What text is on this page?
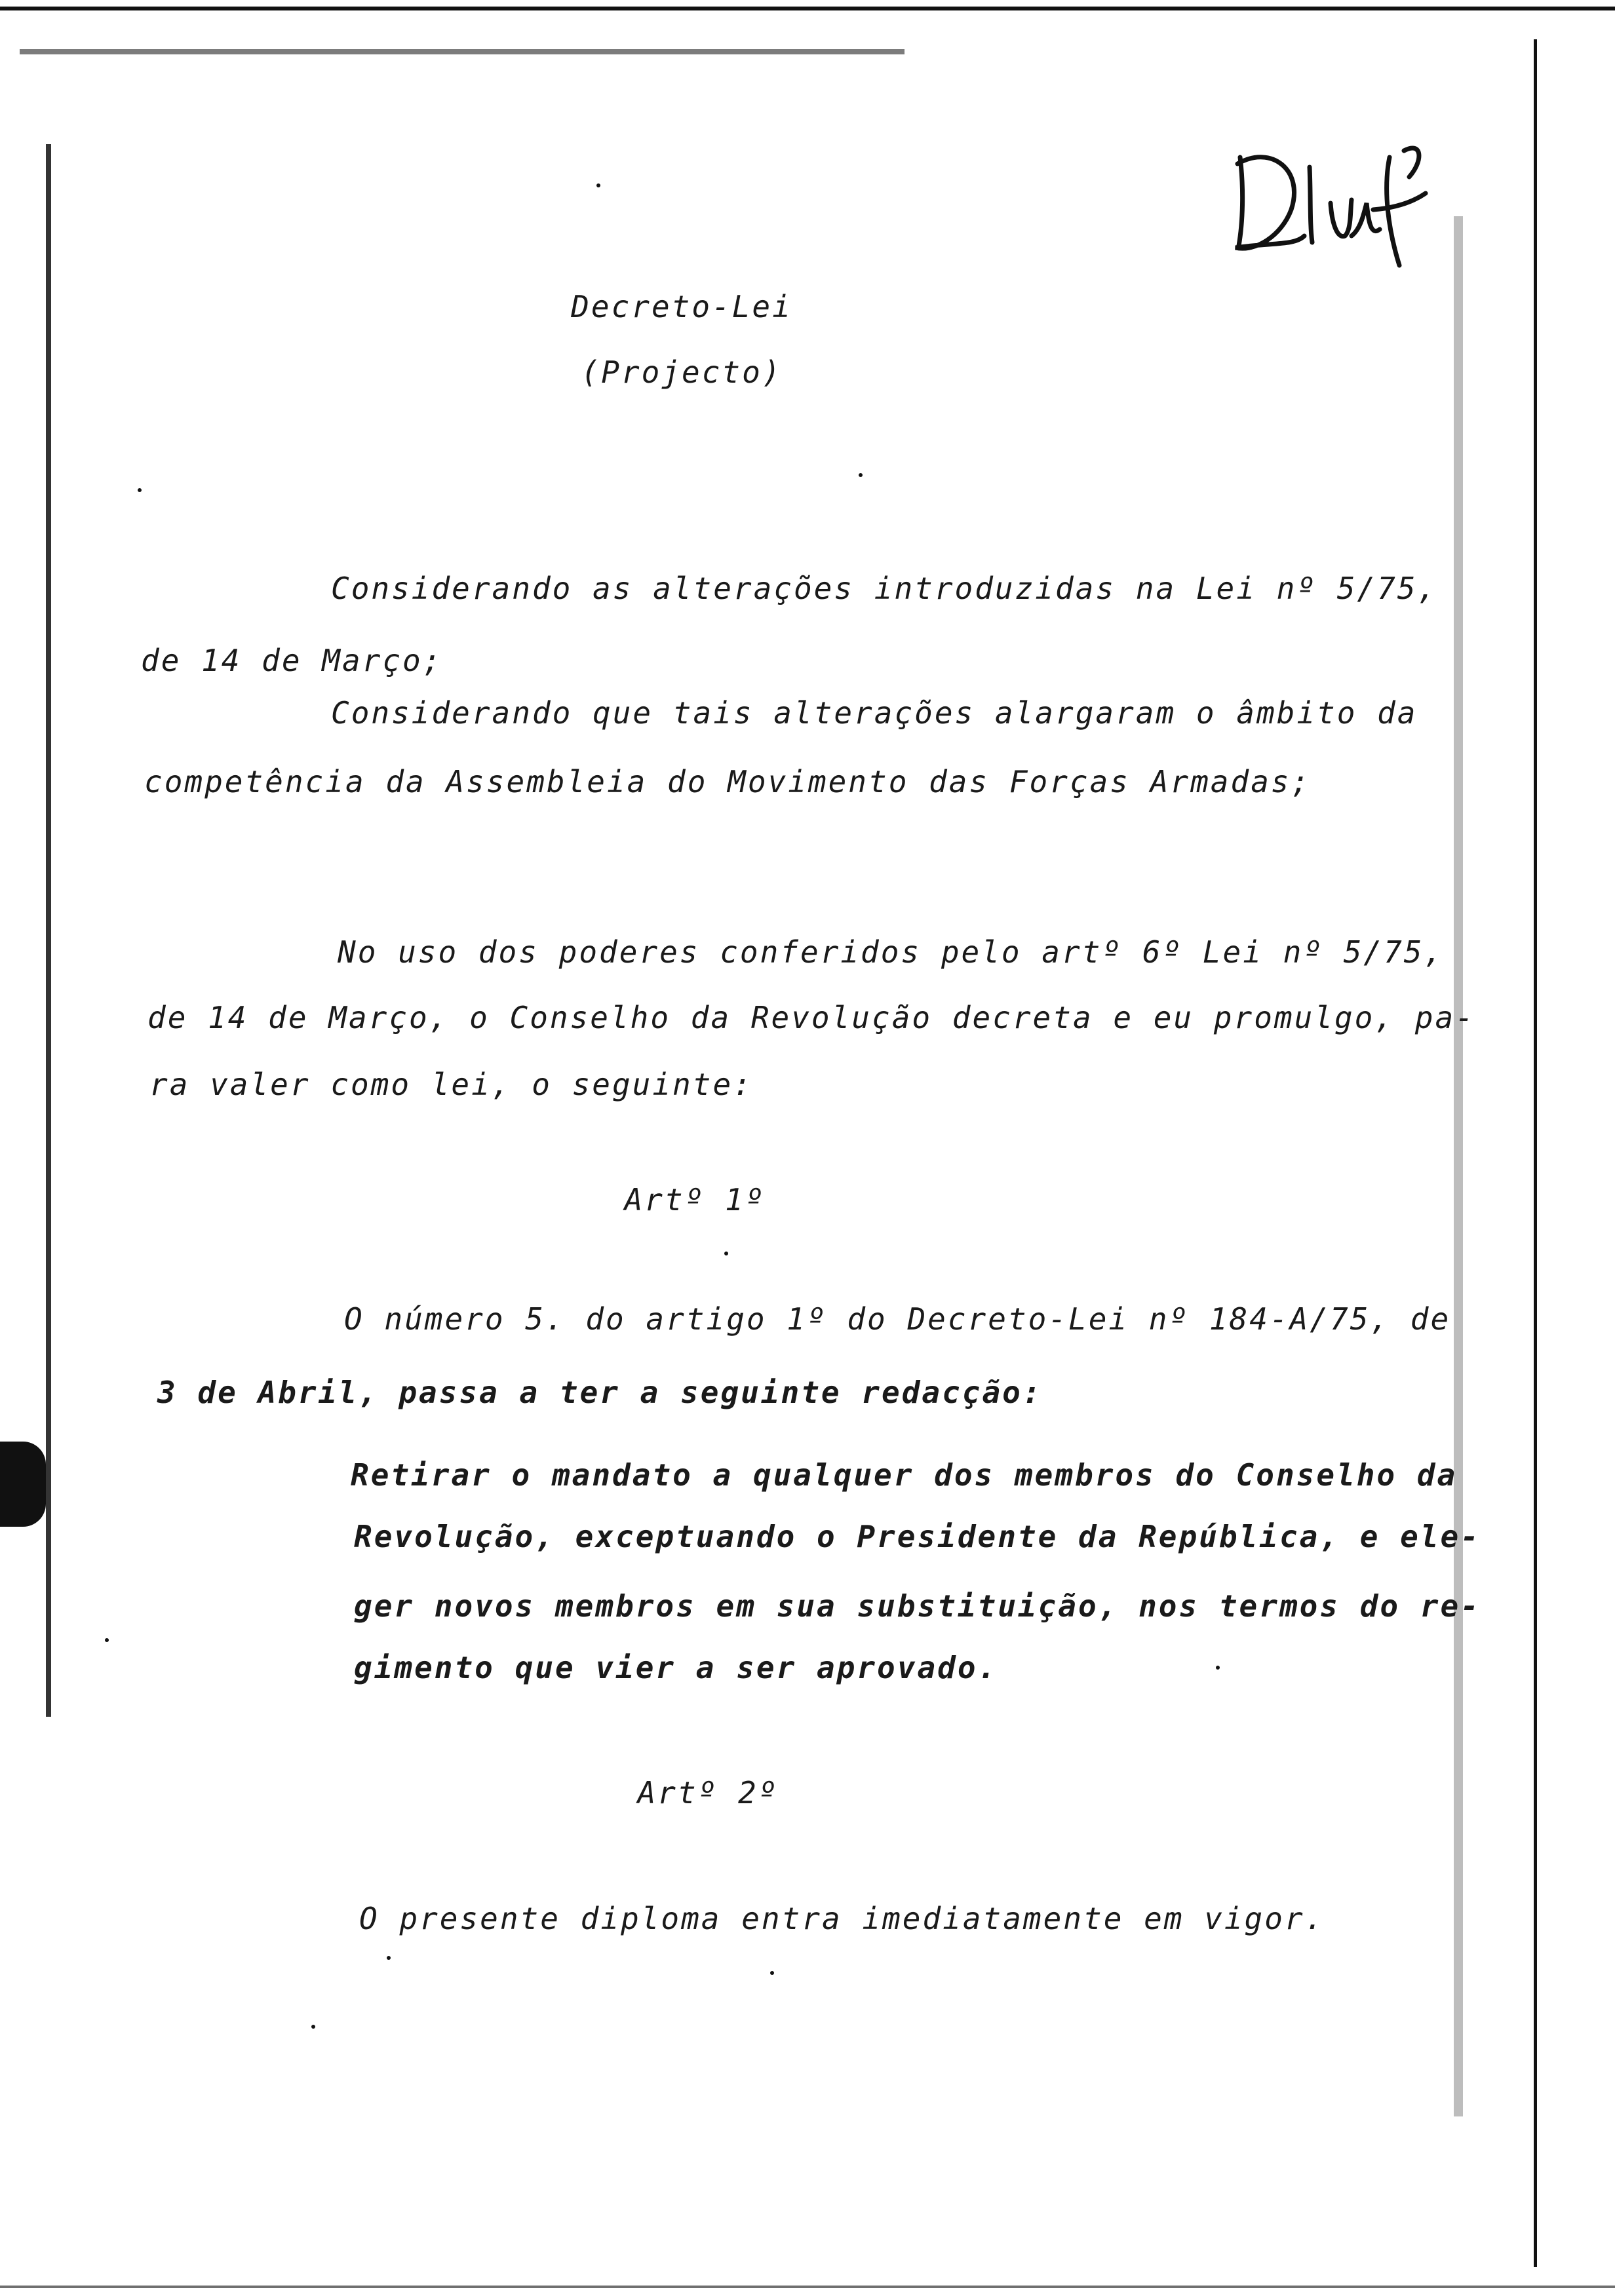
Decreto-Lei
(Projecto)
Considerando as alterações introduzidas na Lei nº 5/75,
de 14 de Março;
Considerando que tais alterações alargaram o âmbito da
competência da Assembleia do Movimento das Forças Armadas;
No uso dos poderes conferidos pelo artº 6º Lei nº 5/75,
de 14 de Março, o Conselho da Revolução decreta e eu promulgo, pa-
ra valer como lei, o seguinte:
Artº 1º
O número 5. do artigo 1º do Decreto-Lei nº 184-A/75, de
3 de Abril, passa a ter a seguinte redacção:
Retirar o mandato a qualquer dos membros do Conselho da
Revolução, exceptuando o Presidente da República, e ele-
ger novos membros em sua substituição, nos termos do re-
gimento que vier a ser aprovado.
Artº 2º
O presente diploma entra imediatamente em vigor.
